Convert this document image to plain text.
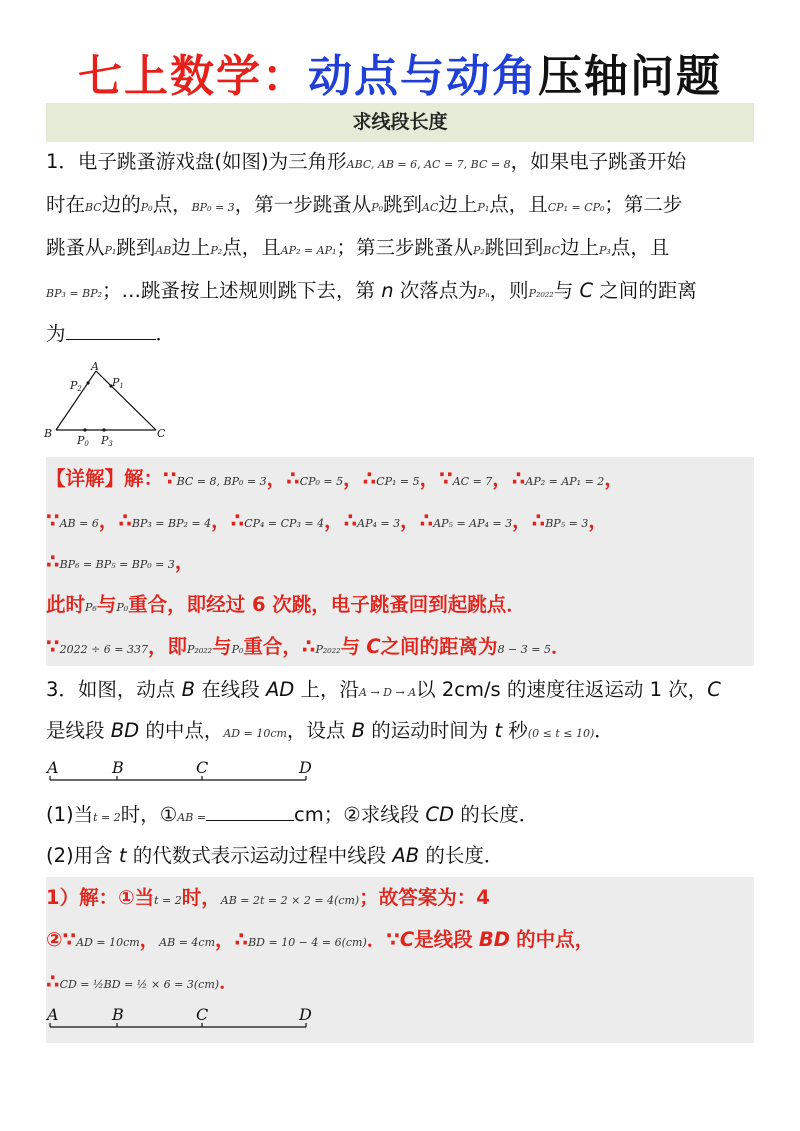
七上数学：动点与动角压轴问题
求线段长度
1．电子跳蚤游戏盘(如图)为三角形ABC, AB = 6, AC = 7, BC = 8，如果电子跳蚤开始
时在BC边的P₀点，BP₀ = 3，第一步跳蚤从P₀跳到AC边上P₁点，且CP₁ = CP₀；第二步
跳蚤从P₁跳到AB边上P₂点，且AP₂ = AP₁；第三步跳蚤从P₂跳回到BC边上P₃点，且
BP₃ = BP₂；…跳蚤按上述规则跳下去，第 n 次落点为Pₙ，则P₂₀₂₂与 C 之间的距离
为	．
A
B	C
P0 P3
P1
P2
【详解】解：∵BC = 8, BP₀ = 3，∴CP₀ = 5，∴CP₁ = 5，∵AC = 7，∴AP₂ = AP₁ = 2，
∵AB = 6，∴BP₃ = BP₂ = 4，∴CP₄ = CP₃ = 4，∴AP₄ = 3，∴AP₅ = AP₄ = 3，∴BP₅ = 3，
∴BP₆ = BP₅ = BP₀ = 3，
此时P₆与P₀重合，即经过 6 次跳，电子跳蚤回到起跳点．
∵2022 ÷ 6 = 337，即P₂₀₂₂与P₀重合，∴P₂₀₂₂与 C之间的距离为8 − 3 = 5．
3．如图，动点 B 在线段 AD 上，沿A → D → A以 2cm/s 的速度往返运动 1 次，C
是线段 BD 的中点，AD = 10cm，设点 B 的运动时间为 t 秒(0 ≤ t ≤ 10)．
A	B	C	D
(1)当t = 2时，①AB =	cm；②求线段 CD 的长度．
(2)用含 t 的代数式表示运动过程中线段 AB 的长度．
1）解：①当t = 2时，AB = 2t = 2 × 2 = 4(cm)；故答案为：4
②∵AD = 10cm，AB = 4cm，∴BD = 10 − 4 = 6(cm)．∵C是线段 BD 的中点，
∴CD = ½BD = ½ × 6 = 3(cm)．
A	B	C	D
